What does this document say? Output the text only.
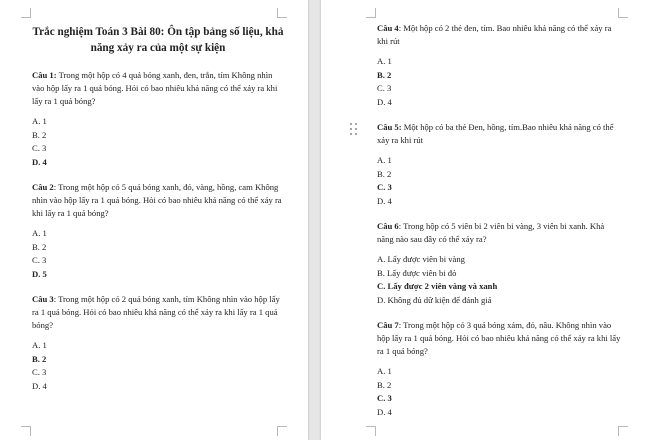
Trắc nghiệm Toán 3 Bài 80: Ôn tập bảng số liệu, khả năng xảy ra của một sự kiện
Câu 1: Trong một hộp có 4 quả bóng xanh, đen, trắn, tím Không nhìn vào hộp lấy ra 1 quả bóng. Hỏi có bao nhiêu khả năng có thể xảy ra khi lấy ra 1 quả bóng?
A. 1
B. 2
C. 3
D. 4
Câu 2: Trong một hộp có 5 quả bóng xanh, đỏ, vàng, hồng, cam Không nhìn vào hộp lấy ra 1 quả bóng. Hỏi có bao nhiêu khả năng có thể xảy ra khi lấy ra 1 quả bóng?
A. 1
B. 2
C. 3
D. 5
Câu 3: Trong một hộp có 2 quả bóng xanh, tím Không nhìn vào hộp lấy ra 1 quả bóng. Hỏi có bao nhiêu khả năng có thể xảy ra khi lấy ra 1 quả bóng?
A. 1
B. 2
C. 3
D. 4
Câu 4: Một hộp có 2 thẻ đen, tím. Bao nhiêu khả năng có thể xảy ra khi rút
A. 1
B. 2
C. 3
D. 4
Câu 5: Một hộp có ba thẻ Đen, hồng, tím.Bao nhiêu khả năng có thể xảy ra khi rút
A. 1
B. 2
C. 3
D. 4
Câu 6: Trong hộp có 5 viên bi 2 viên bi vàng, 3 viên bi xanh. Khả năng nào sau đây có thể xảy ra?
A. Lấy được viên bi vàng
B. Lấy được viên bi đỏ
C. Lấy được 2 viên vàng và xanh
D. Không đủ dữ kiện để đánh giá
Câu 7: Trong một hộp có 3 quả bóng xám, đỏ, nâu. Không nhìn vào hộp lấy ra 1 quả bóng. Hỏi có bao nhiêu khả năng có thể xảy ra khi lấy ra 1 quả bóng?
A. 1
B. 2
C. 3
D. 4
